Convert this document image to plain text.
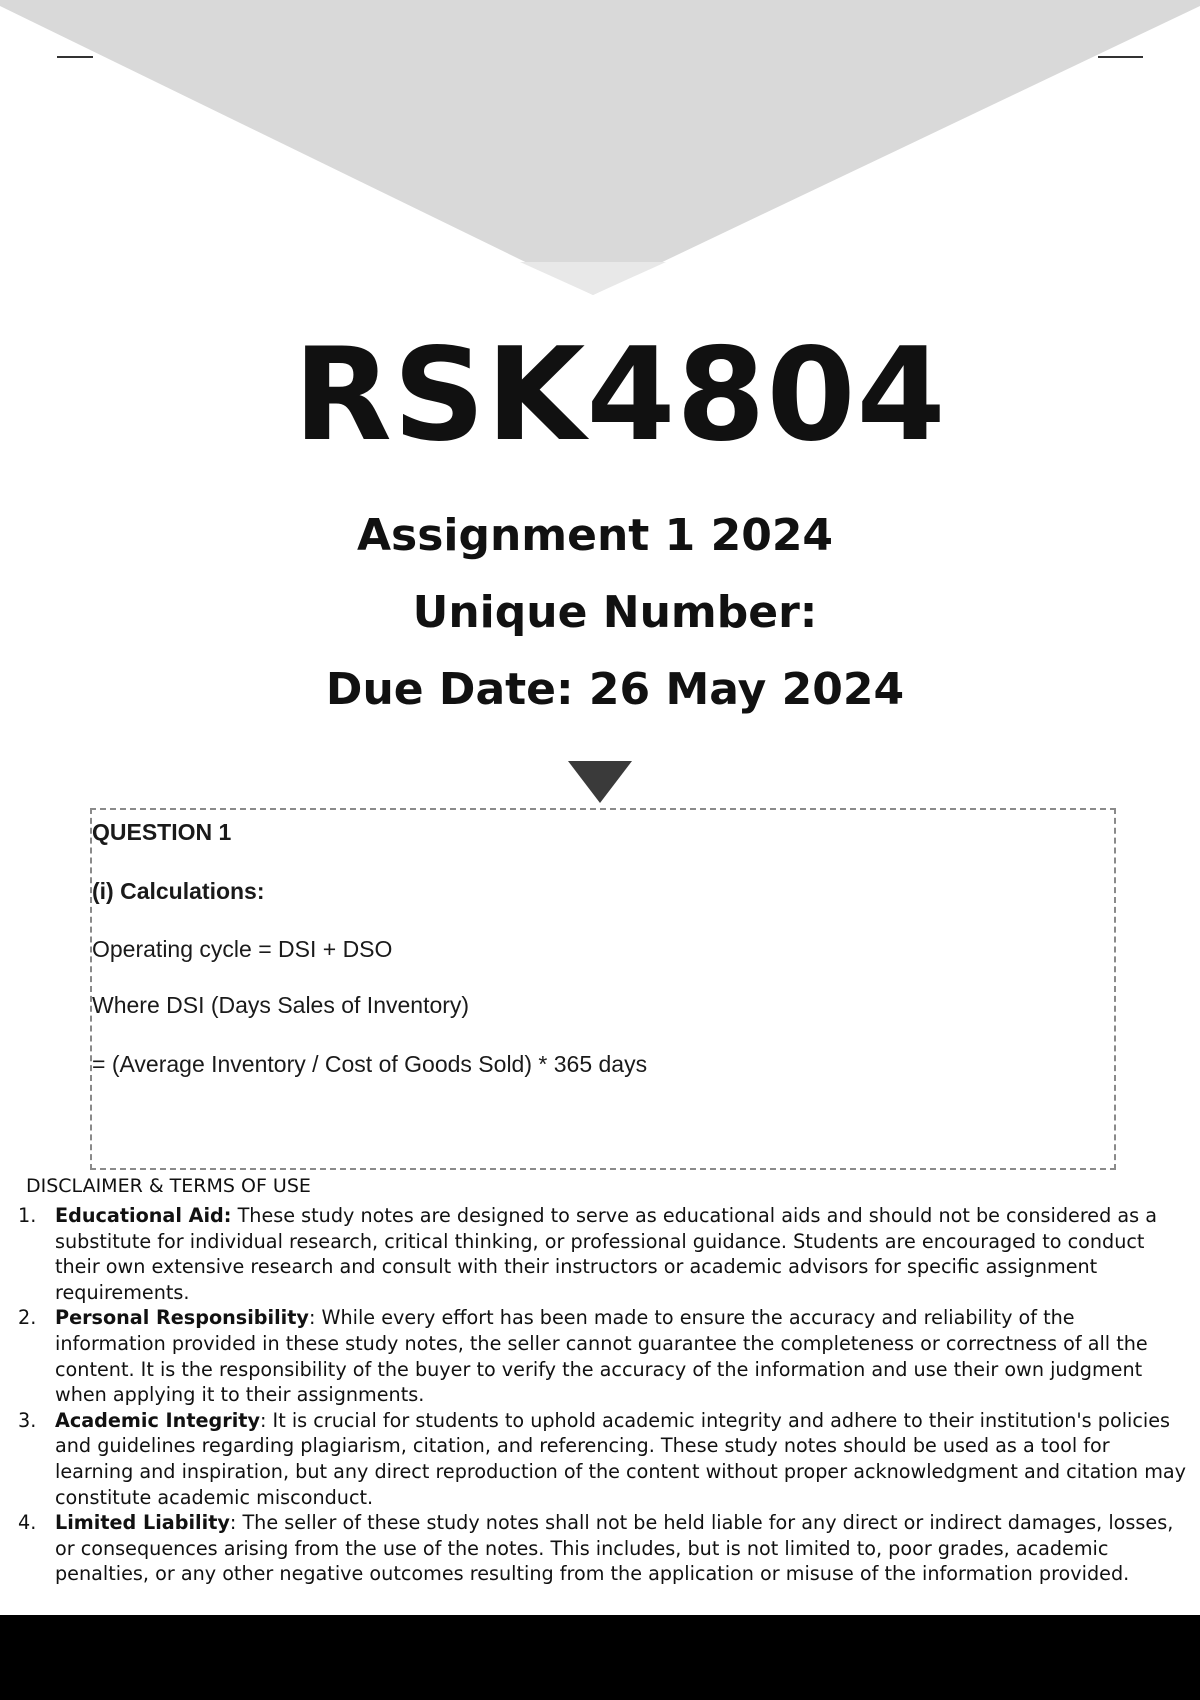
RSK4804
Assignment 1 2024
Unique Number:
Due Date: 26 May 2024
QUESTION 1
(i) Calculations:
Operating cycle = DSI + DSO
Where DSI (Days Sales of Inventory)
= (Average Inventory / Cost of Goods Sold) * 365 days
DISCLAIMER & TERMS OF USE
1. Educational Aid: These study notes are designed to serve as educational aids and should not be considered as a substitute for individual research, critical thinking, or professional guidance. Students are encouraged to conduct their own extensive research and consult with their instructors or academic advisors for specific assignment requirements.
2. Personal Responsibility: While every effort has been made to ensure the accuracy and reliability of the information provided in these study notes, the seller cannot guarantee the completeness or correctness of all the content. It is the responsibility of the buyer to verify the accuracy of the information and use their own judgment when applying it to their assignments.
3. Academic Integrity: It is crucial for students to uphold academic integrity and adhere to their institution's policies and guidelines regarding plagiarism, citation, and referencing. These study notes should be used as a tool for learning and inspiration, but any direct reproduction of the content without proper acknowledgment and citation may constitute academic misconduct.
4. Limited Liability: The seller of these study notes shall not be held liable for any direct or indirect damages, losses, or consequences arising from the use of the notes. This includes, but is not limited to, poor grades, academic penalties, or any other negative outcomes resulting from the application or misuse of the information provided.
